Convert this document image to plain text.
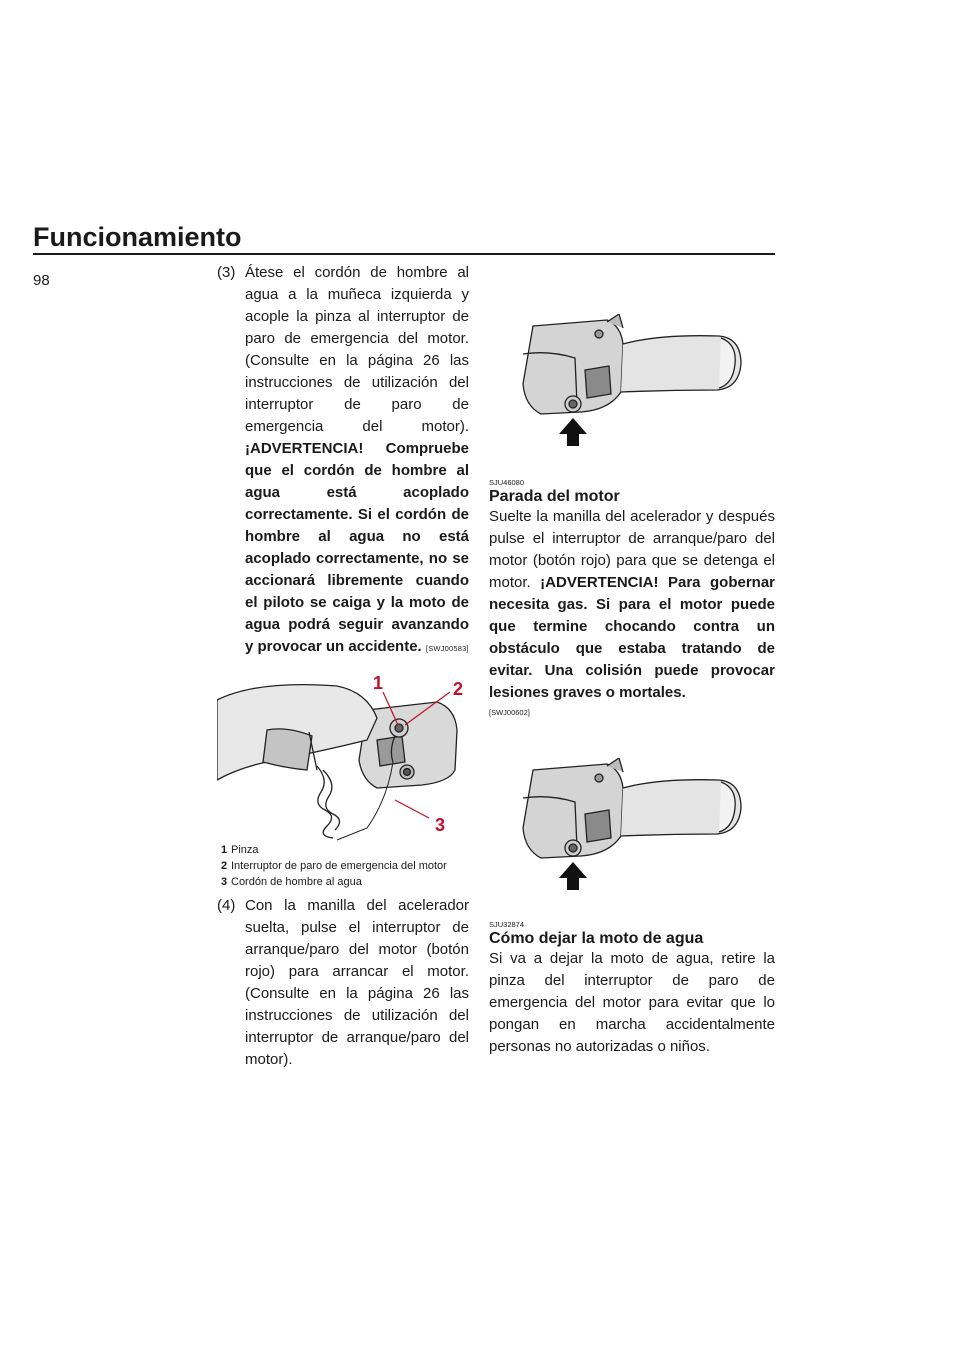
Funcionamiento
98	(3) Átese el cordón de hombre al agua a la muñeca izquierda y acople la pinza al interruptor de paro de emergencia del motor. (Consulte en la página 26 las instrucciones de utilización del interruptor de paro de emergencia del motor). ¡ADVERTENCIA! Compruebe que el cordón de hombre al agua está acoplado correctamente. Si el cordón de hombre al agua no está acoplado correctamente, no se accionará libremente cuando el piloto se caiga y la moto de agua podrá seguir avanzando y provocar un accidente. [SWJ00583]

1	2
3
1 Pinza
2 Interruptor de paro de emergencia del motor
3 Cordón de hombre al agua

(4) Con la manilla del acelerador suelta, pulse el interruptor de arranque/paro del motor (botón rojo) para arrancar el motor. (Consulte en la página 26 las instrucciones de utilización del interruptor de arranque/paro del motor).

SJU46080

Parada del motor

Suelte la manilla del acelerador y después pulse el interruptor de arranque/paro del motor (botón rojo) para que se detenga el motor. ¡ADVERTENCIA! Para gobernar necesita gas. Si para el motor puede que termine chocando contra un obstáculo que estaba tratando de evitar. Una colisión puede provocar lesiones graves o mortales.

[SWJ00602]

SJU32874

Cómo dejar la moto de agua

Si va a dejar la moto de agua, retire la pinza del interruptor de paro de emergencia del motor para evitar que lo pongan en marcha accidentalmente personas no autorizadas o niños.
